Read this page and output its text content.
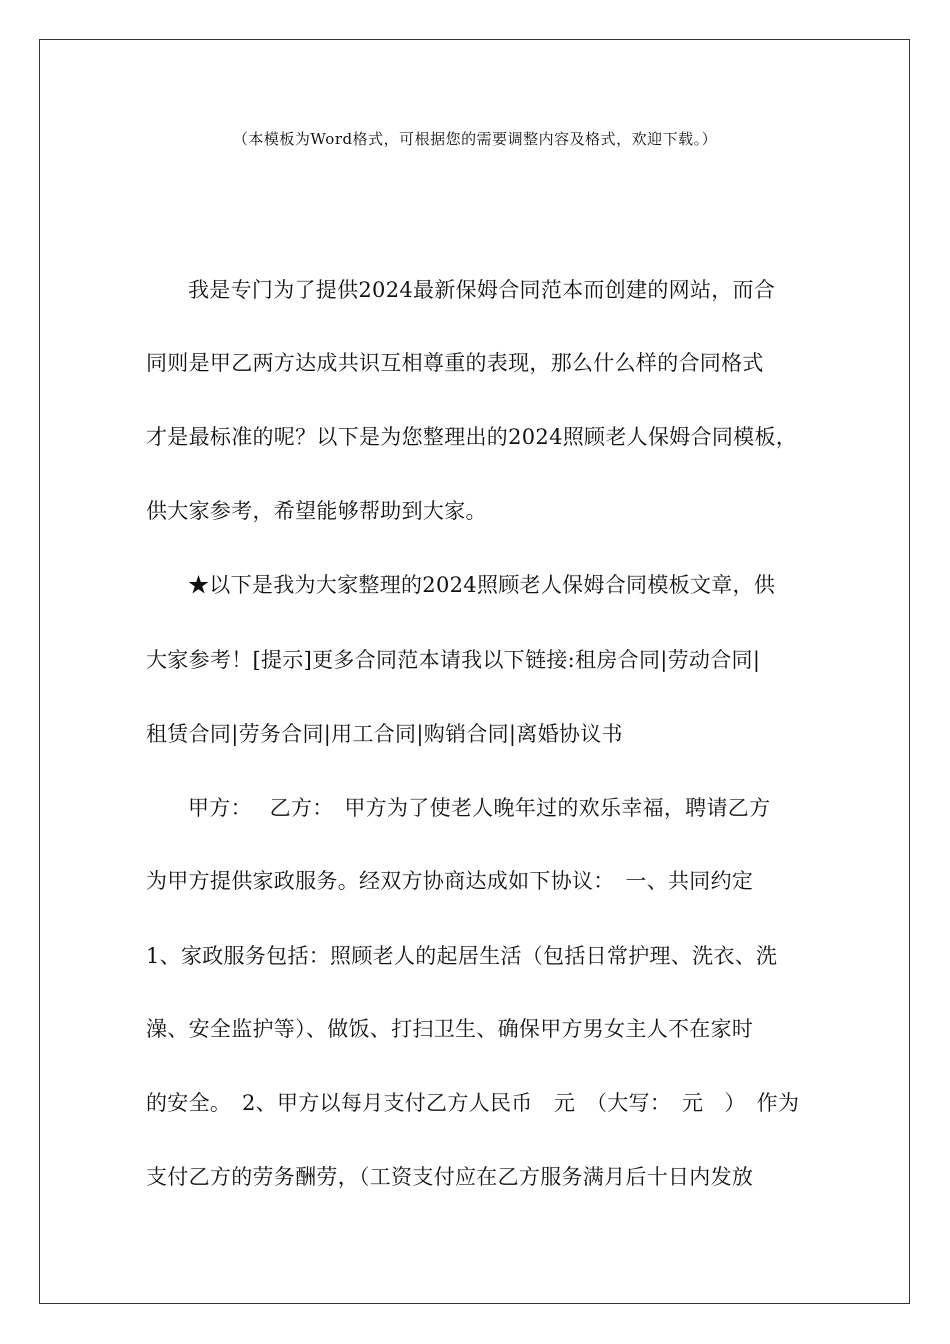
（本模板为Word格式，可根据您的需要调整内容及格式，欢迎下载。）
我是专门为了提供2024最新保姆合同范本而创建的网站，而合
同则是甲乙两方达成共识互相尊重的表现，那么什么样的合同格式
才是最标准的呢？以下是为您整理出的2024照顾老人保姆合同模板，
供大家参考，希望能够帮助到大家。
★以下是我为大家整理的2024照顾老人保姆合同模板文章，供
大家参考！[提示]更多合同范本请我以下链接:租房合同|劳动合同|
租赁合同|劳务合同|用工合同|购销合同|离婚协议书
甲方：　 乙方：　甲方为了使老人晚年过的欢乐幸福，聘请乙方
为甲方提供家政服务。经双方协商达成如下协议：　一、共同约定
1、家政服务包括：照顾老人的起居生活（包括日常护理、洗衣、洗
澡、安全监护等）、做饭、打扫卫生、确保甲方男女主人不在家时
的安全。　2、甲方以每月支付乙方人民币　元　（大写：　元　）　作为
支付乙方的劳务酬劳，（工资支付应在乙方服务满月后十日内发放
